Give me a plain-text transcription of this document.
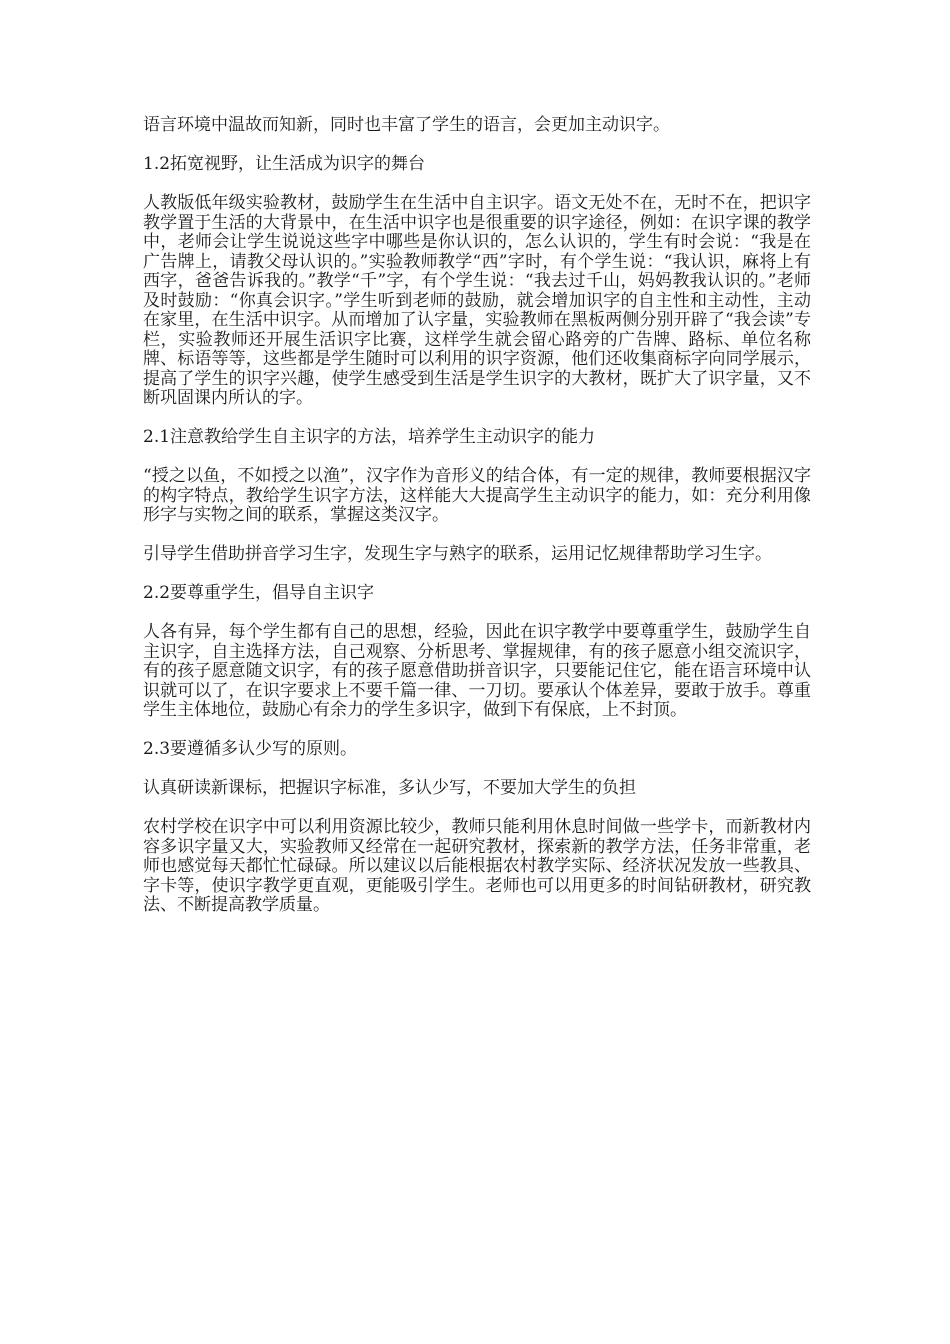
语言环境中温故而知新，同时也丰富了学生的语言，会更加主动识字。

1.2拓宽视野，让生活成为识字的舞台

人教版低年级实验教材，鼓励学生在生活中自主识字。语文无处不在，无时不在，把识字教学置于生活的大背景中，在生活中识字也是很重要的识字途径，例如：在识字课的教学中，老师会让学生说说这些字中哪些是你认识的，怎么认识的，学生有时会说：“我是在广告牌上，请教父母认识的。”实验教师教学“西”字时，有个学生说：“我认识，麻将上有西字，爸爸告诉我的。”教学“千”字，有个学生说：“我去过千山，妈妈教我认识的。”老师及时鼓励：“你真会识字。”学生听到老师的鼓励，就会增加识字的自主性和主动性，主动在家里，在生活中识字。从而增加了认字量，实验教师在黑板两侧分别开辟了“我会读”专栏，实验教师还开展生活识字比赛，这样学生就会留心路旁的广告牌、路标、单位名称牌、标语等等，这些都是学生随时可以利用的识字资源，他们还收集商标字向同学展示，提高了学生的识字兴趣，使学生感受到生活是学生识字的大教材，既扩大了识字量，又不断巩固课内所认的字。

2.1注意教给学生自主识字的方法，培养学生主动识字的能力

“授之以鱼，不如授之以渔”，汉字作为音形义的结合体，有一定的规律，教师要根据汉字的构字特点，教给学生识字方法，这样能大大提高学生主动识字的能力，如：充分利用像形字与实物之间的联系，掌握这类汉字。

引导学生借助拼音学习生字，发现生字与熟字的联系，运用记忆规律帮助学习生字。

2.2要尊重学生，倡导自主识字

人各有异，每个学生都有自己的思想，经验，因此在识字教学中要尊重学生，鼓励学生自主识字，自主选择方法，自己观察、分析思考、掌握规律，有的孩子愿意小组交流识字，有的孩子愿意随文识字，有的孩子愿意借助拼音识字，只要能记住它，能在语言环境中认识就可以了，在识字要求上不要千篇一律、一刀切。要承认个体差异，要敢于放手。尊重学生主体地位，鼓励心有余力的学生多识字，做到下有保底，上不封顶。

2.3要遵循多认少写的原则。

认真研读新课标，把握识字标准，多认少写，不要加大学生的负担

农村学校在识字中可以利用资源比较少，教师只能利用休息时间做一些学卡，而新教材内容多识字量又大，实验教师又经常在一起研究教材，探索新的教学方法，任务非常重，老师也感觉每天都忙忙碌碌。所以建议以后能根据农村教学实际、经济状况发放一些教具、字卡等，使识字教学更直观，更能吸引学生。老师也可以用更多的时间钻研教材，研究教法、不断提高教学质量。
